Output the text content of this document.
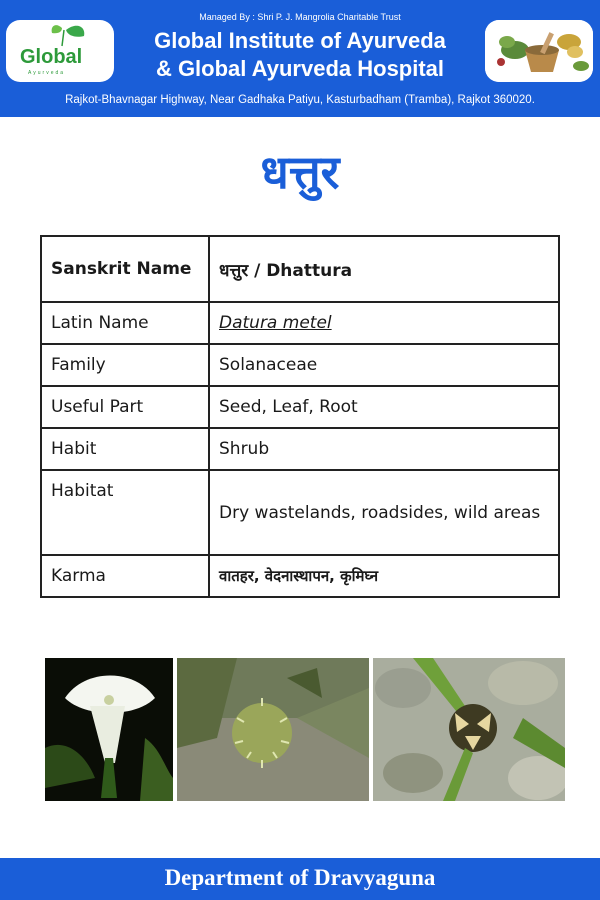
Managed By : Shri P. J. Mangrolia Charitable Trust
Global
Ayurveda
Global Institute of Ayurveda
& Global Ayurveda Hospital
Rajkot-Bhavnagar Highway, Near Gadhaka Patiyu, Kasturbadham (Tramba), Rajkot 360020.
धत्तुर
Sanskrit Name	धत्तुर / Dhattura
Latin Name	Datura metel
Family	Solanaceae
Useful Part	Seed, Leaf, Root
Habit	Shrub
Habitat	Dry wastelands, roadsides, wild areas
Karma	वातहर, वेदनास्थापन, कृमिघ्न
Department of Dravyaguna
